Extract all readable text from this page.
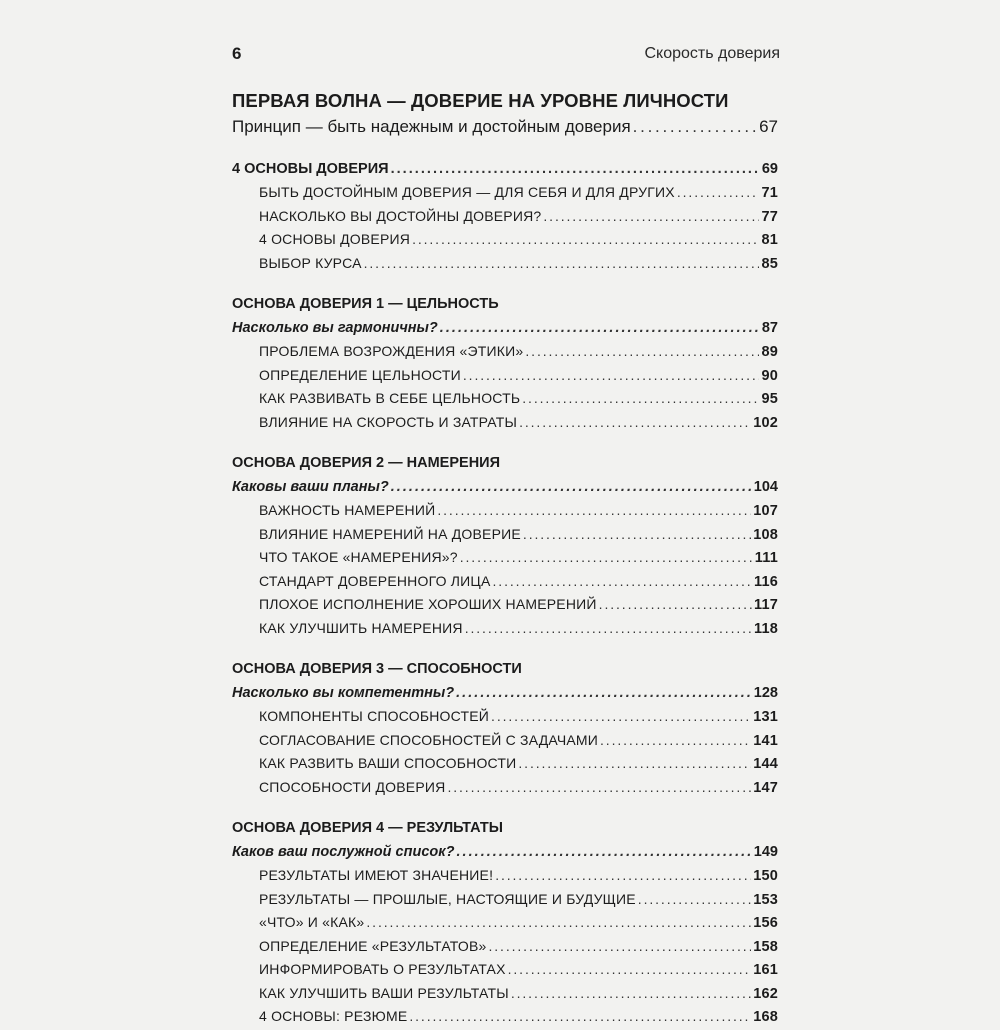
6	Скорость доверия
ПЕРВАЯ ВОЛНА — ДОВЕРИЕ НА УРОВНЕ ЛИЧНОСТИ
Принцип — быть надежным и достойным доверия . . .	67
4 ОСНОВЫ ДОВЕРИЯ . . .	69
БЫТЬ ДОСТОЙНЫМ ДОВЕРИЯ — ДЛЯ СЕБЯ И ДЛЯ ДРУГИХ . . .	71
НАСКОЛЬКО ВЫ ДОСТОЙНЫ ДОВЕРИЯ? . . .	77
4 ОСНОВЫ ДОВЕРИЯ . . .	81
ВЫБОР КУРСА . . .	85
ОСНОВА ДОВЕРИЯ 1 — ЦЕЛЬНОСТЬ
Насколько вы гармоничны? . . .	87
ПРОБЛЕМА ВОЗРОЖДЕНИЯ «ЭТИКИ» . . .	89
ОПРЕДЕЛЕНИЕ ЦЕЛЬНОСТИ . . .	90
КАК РАЗВИВАТЬ В СЕБЕ ЦЕЛЬНОСТЬ . . .	95
ВЛИЯНИЕ НА СКОРОСТЬ И ЗАТРАТЫ . . .	102
ОСНОВА ДОВЕРИЯ 2 — НАМЕРЕНИЯ
Каковы ваши планы? . . .	104
ВАЖНОСТЬ НАМЕРЕНИЙ . . .	107
ВЛИЯНИЕ НАМЕРЕНИЙ НА ДОВЕРИЕ . . .	108
ЧТО ТАКОЕ «НАМЕРЕНИЯ»? . . .	111
СТАНДАРТ ДОВЕРЕННОГО ЛИЦА . . .	116
ПЛОХОЕ ИСПОЛНЕНИЕ ХОРОШИХ НАМЕРЕНИЙ . . .	117
КАК УЛУЧШИТЬ НАМЕРЕНИЯ . . .	118
ОСНОВА ДОВЕРИЯ 3 — СПОСОБНОСТИ
Насколько вы компетентны? . . .	128
КОМПОНЕНТЫ СПОСОБНОСТЕЙ . . .	131
СОГЛАСОВАНИЕ СПОСОБНОСТЕЙ С ЗАДАЧАМИ . . .	141
КАК РАЗВИТЬ ВАШИ СПОСОБНОСТИ . . .	144
СПОСОБНОСТИ ДОВЕРИЯ . . .	147
ОСНОВА ДОВЕРИЯ 4 — РЕЗУЛЬТАТЫ
Каков ваш послужной список? . . .	149
РЕЗУЛЬТАТЫ ИМЕЮТ ЗНАЧЕНИЕ! . . .	150
РЕЗУЛЬТАТЫ — ПРОШЛЫЕ, НАСТОЯЩИЕ И БУДУЩИЕ . . .	153
«ЧТО» И «КАК» . . .	156
ОПРЕДЕЛЕНИЕ «РЕЗУЛЬТАТОВ» . . .	158
ИНФОРМИРОВАТЬ О РЕЗУЛЬТАТАХ . . .	161
КАК УЛУЧШИТЬ ВАШИ РЕЗУЛЬТАТЫ . . .	162
4 ОСНОВЫ: РЕЗЮМЕ . . .	168
